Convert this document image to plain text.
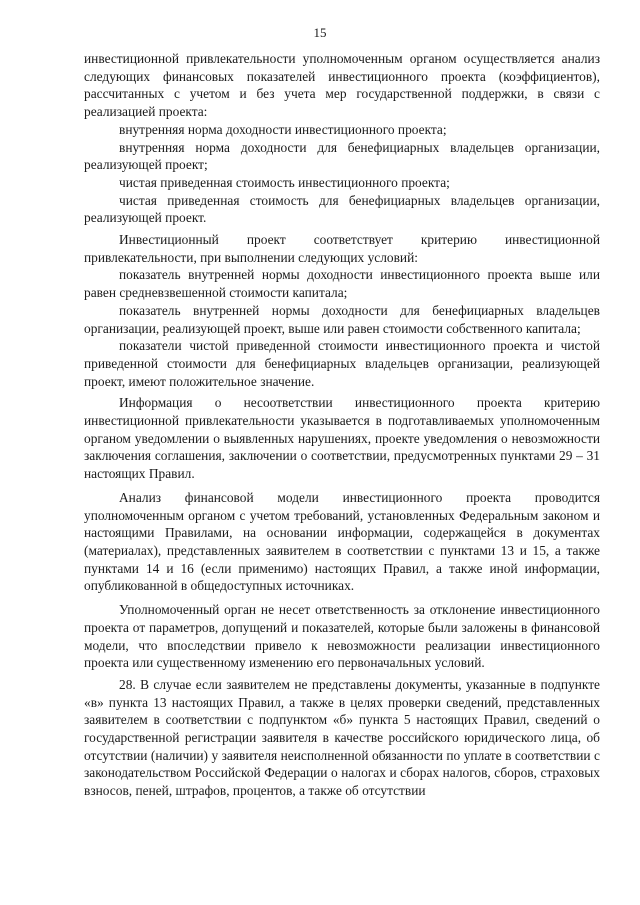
15

инвестиционной привлекательности уполномоченным органом осуществляется анализ следующих финансовых показателей инвестиционного проекта (коэффициентов), рассчитанных с учетом и без учета мер государственной поддержки, в связи с реализацией проекта:

внутренняя норма доходности инвестиционного проекта;

внутренняя норма доходности для бенефициарных владельцев организации, реализующей проект;

чистая приведенная стоимость инвестиционного проекта;

чистая приведенная стоимость для бенефициарных владельцев организации, реализующей проект.

Инвестиционный проект соответствует критерию инвестиционной привлекательности, при выполнении следующих условий:

показатель внутренней нормы доходности инвестиционного проекта выше или равен средневзвешенной стоимости капитала;

показатель внутренней нормы доходности для бенефициарных владельцев организации, реализующей проект, выше или равен стоимости собственного капитала;

показатели чистой приведенной стоимости инвестиционного проекта и чистой приведенной стоимости для бенефициарных владельцев организации, реализующей проект, имеют положительное значение.

Информация о несоответствии инвестиционного проекта критерию инвестиционной привлекательности указывается в подготавливаемых уполномоченным органом уведомлении о выявленных нарушениях, проекте уведомления о невозможности заключения соглашения, заключении о соответствии, предусмотренных пунктами 29 – 31 настоящих Правил.

Анализ финансовой модели инвестиционного проекта проводится уполномоченным органом с учетом требований, установленных Федеральным законом и настоящими Правилами, на основании информации, содержащейся в документах (материалах), представленных заявителем в соответствии с пунктами 13 и 15, а также пунктами 14 и 16 (если применимо) настоящих Правил, а также иной информации, опубликованной в общедоступных источниках.

Уполномоченный орган не несет ответственность за отклонение инвестиционного проекта от параметров, допущений и показателей, которые были заложены в финансовой модели, что впоследствии привело к невозможности реализации инвестиционного проекта или существенному изменению его первоначальных условий.

28. В случае если заявителем не представлены документы, указанные в подпункте «в» пункта 13 настоящих Правил, а также в целях проверки сведений, представленных заявителем в соответствии с подпунктом «б» пункта 5 настоящих Правил, сведений о государственной регистрации заявителя в качестве российского юридического лица, об отсутствии (наличии) у заявителя неисполненной обязанности по уплате в соответствии с законодательством Российской Федерации о налогах и сборах налогов, сборов, страховых взносов, пеней, штрафов, процентов, а также об отсутствии
